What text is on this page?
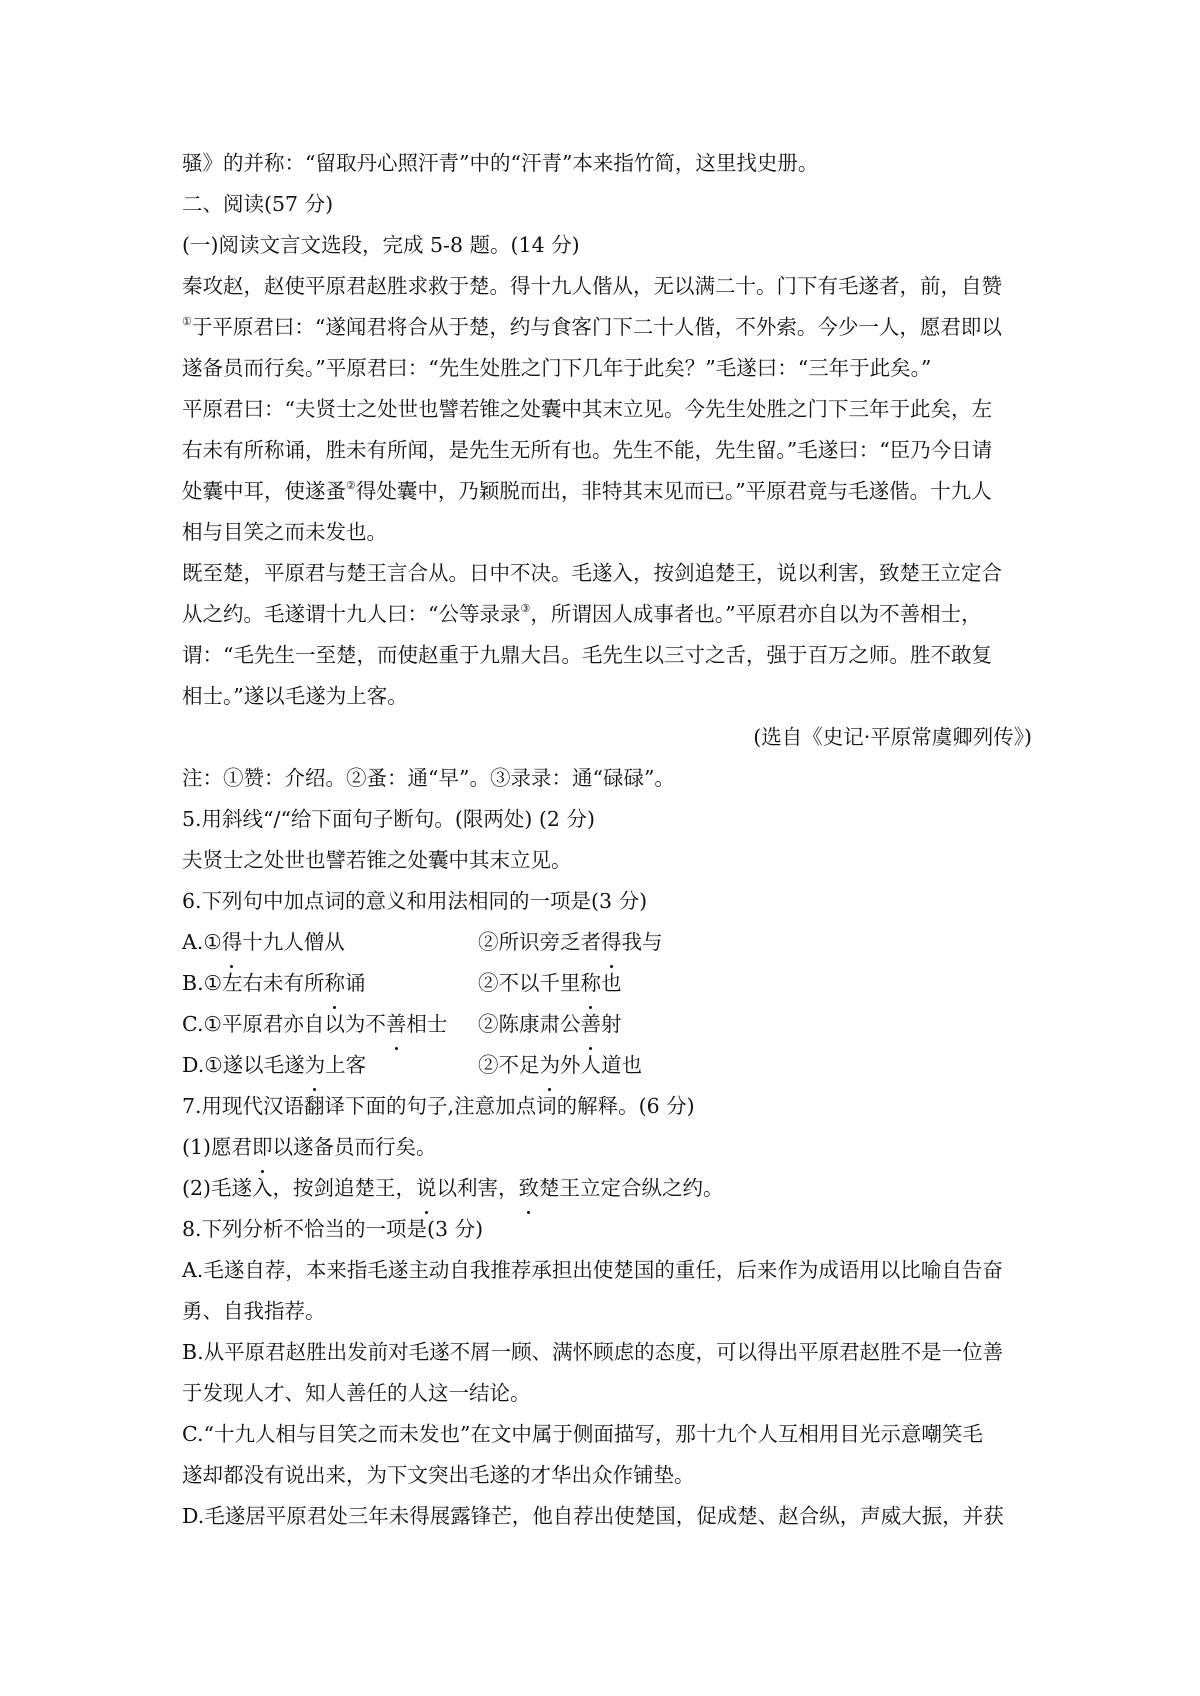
骚》的并称：“留取丹心照汗青”中的“汗青”本来指竹简，这里找史册。
二、阅读(57 分)
(一)阅读文言文选段，完成 5-8 题。(14 分)
秦攻赵，赵使平原君赵胜求救于楚。得十九人偕从，无以满二十。门下有毛遂者，前，自赞
①于平原君曰：“遂闻君将合从于楚，约与食客门下二十人偕，不外索。今少一人，愿君即以
遂备员而行矣。”平原君曰：“先生处胜之门下几年于此矣？”毛遂曰：“三年于此矣。”
平原君曰：“夫贤士之处世也譬若锥之处囊中其末立见。今先生处胜之门下三年于此矣，左
右未有所称诵，胜未有所闻，是先生无所有也。先生不能，先生留。”毛遂曰：“臣乃今日请
处囊中耳，使遂蚤②得处囊中，乃颖脱而出，非特其末见而已。”平原君竟与毛遂偕。十九人
相与目笑之而未发也。
既至楚，平原君与楚王言合从。日中不决。毛遂入，按剑追楚王，说以利害，致楚王立定合
从之约。毛遂谓十九人曰：“公等录录③，所谓因人成事者也。”平原君亦自以为不善相士，
谓：“毛先生一至楚，而使赵重于九鼎大吕。毛先生以三寸之舌，强于百万之师。胜不敢复
相士。”遂以毛遂为上客。
(选自《史记·平原常虞卿列传》)
注：①赞：介绍。②蚤：通“早”。③录录：通“碌碌”。
5.用斜线“/“给下面句子断句。(限两处) (2 分)
夫贤士之处世也譬若锥之处囊中其末立见。
6.下列句中加点词的意义和用法相同的一项是(3 分)
A.①得十九人僧从	②所识旁乏者得我与
B.①左右未有所称诵	②不以千里称也
C.①平原君亦自以为不善相士	②陈康肃公善射
D.①遂以毛遂为上客	②不足为外人道也
7.用现代汉语翻译下面的句子,注意加点词的解释。(6 分)
(1)愿君即以遂备员而行矣。
(2)毛遂入，按剑追楚王，说以利害，致楚王立定合纵之约。
8.下列分析不恰当的一项是(3 分)
A.毛遂自荐，本来指毛遂主动自我推荐承担出使楚国的重任，后来作为成语用以比喻自告奋
勇、自我指荐。
B.从平原君赵胜出发前对毛遂不屑一顾、满怀顾虑的态度，可以得出平原君赵胜不是一位善
于发现人才、知人善任的人这一结论。
C.“十九人相与目笑之而未发也”在文中属于侧面描写，那十九个人互相用目光示意嘲笑毛
遂却都没有说出来，为下文突出毛遂的才华出众作铺垫。
D.毛遂居平原君处三年未得展露锋芒，他自荐出使楚国，促成楚、赵合纵，声威大振，并获
